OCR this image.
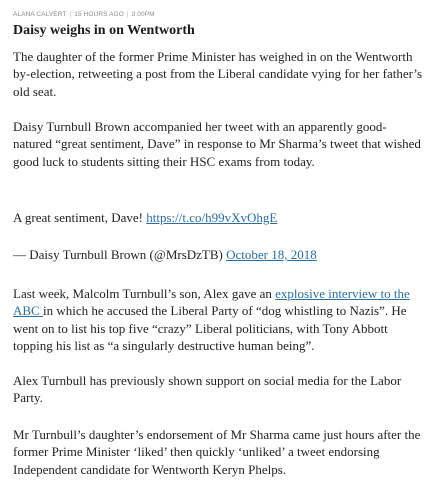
ALANA CALVERT | 15 HOURS AGO | 3.00PM
Daisy weighs in on Wentworth

The daughter of the former Prime Minister has weighed in on the Wentworth by-election, retweeting a post from the Liberal candidate vying for her father’s old seat.

Daisy Turnbull Brown accompanied her tweet with an apparently good-natured “great sentiment, Dave” in response to Mr Sharma’s tweet that wished good luck to students sitting their HSC exams from today.

A great sentiment, Dave! https://t.co/h99vXvOhgE

— Daisy Turnbull Brown (@MrsDzTB) October 18, 2018

Last week, Malcolm Turnbull’s son, Alex gave an explosive interview to the ABC in which he accused the Liberal Party of “dog whistling to Nazis”. He went on to list his top five “crazy” Liberal politicians, with Tony Abbott topping his list as “a singularly destructive human being”.

Alex Turnbull has previously shown support on social media for the Labor Party.

Mr Turnbull’s daughter’s endorsement of Mr Sharma came just hours after the former Prime Minister ‘liked’ then quickly ‘unliked’ a tweet endorsing Independent candidate for Wentworth Keryn Phelps.
